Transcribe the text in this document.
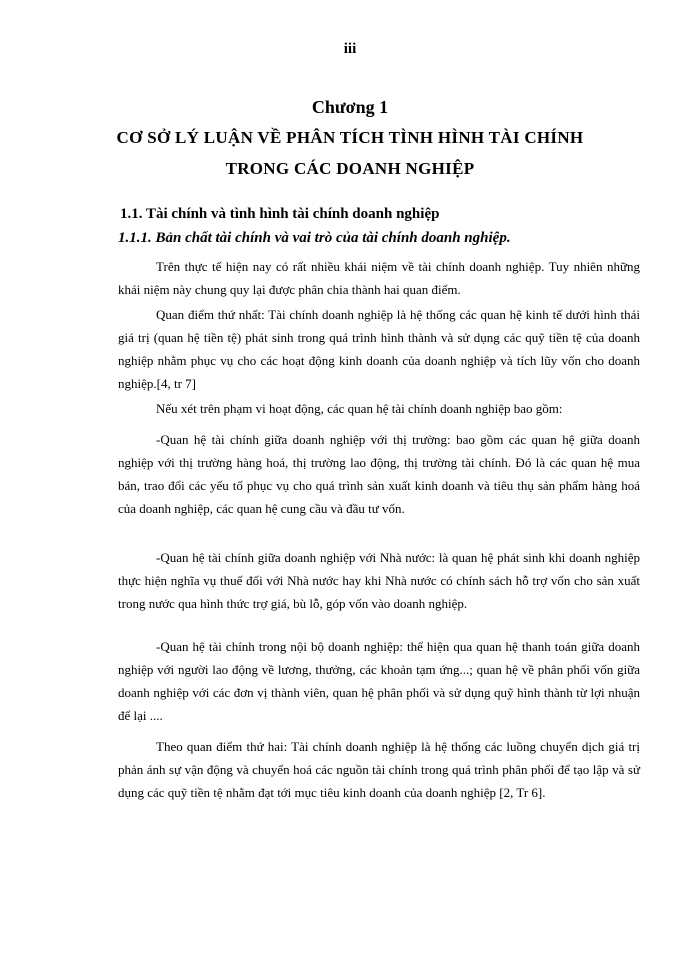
iii
Chương 1
CƠ SỞ LÝ LUẬN VỀ PHÂN TÍCH TÌNH HÌNH TÀI CHÍNH
TRONG CÁC DOANH NGHIỆP
1.1. Tài chính và tình hình tài chính doanh nghiệp
1.1.1. Bản chất tài chính và vai trò của tài chính doanh nghiệp.

Trên thực tế hiện nay có rất nhiều khái niệm về tài chính doanh nghiệp. Tuy nhiên những khái niệm này chung quy lại được phân chia thành hai quan điểm.

Quan điểm thứ nhất: Tài chính doanh nghiệp là hệ thống các quan hệ kinh tế dưới hình thái giá trị (quan hệ tiền tệ) phát sinh trong quá trình hình thành và sử dụng các quỹ tiền tệ của doanh nghiệp nhằm phục vụ cho các hoạt động kinh doanh của doanh nghiệp và tích lũy vốn cho doanh nghiệp.[4, tr 7]

Nếu xét trên phạm vi hoạt động, các quan hệ tài chính doanh nghiệp bao gồm:

-Quan hệ tài chính giữa doanh nghiệp với thị trường: bao gồm các quan hệ giữa doanh nghiệp với thị trường hàng hoá, thị trường lao động, thị trường tài chính. Đó là các quan hệ mua bán, trao đổi các yếu tố phục vụ cho quá trình sản xuất kinh doanh và tiêu thụ sản phẩm hàng hoá của doanh nghiệp, các quan hệ cung cầu và đầu tư vốn.

-Quan hệ tài chính giữa doanh nghiệp với Nhà nước: là quan hệ phát sinh khi doanh nghiệp thực hiện nghĩa vụ thuế đối với Nhà nước hay khi Nhà nước có chính sách hỗ trợ vốn cho sản xuất trong nước qua hình thức trợ giá, bù lỗ, góp vốn vào doanh nghiệp.

-Quan hệ tài chính trong nội bộ doanh nghiệp: thể hiện qua quan hệ thanh toán giữa doanh nghiệp với người lao động về lương, thưởng, các khoản tạm ứng...; quan hệ về phân phối vốn giữa doanh nghiệp với các đơn vị thành viên, quan hệ phân phối và sử dụng quỹ hình thành từ lợi nhuận để lại ....

Theo quan điểm thứ hai: Tài chính doanh nghiệp là hệ thống các luồng chuyển dịch giá trị phản ánh sự vận động và chuyển hoá các nguồn tài chính trong quá trình phân phối để tạo lập và sử dụng các quỹ tiền tệ nhằm đạt tới mục tiêu kinh doanh của doanh nghiệp [2, Tr 6].
